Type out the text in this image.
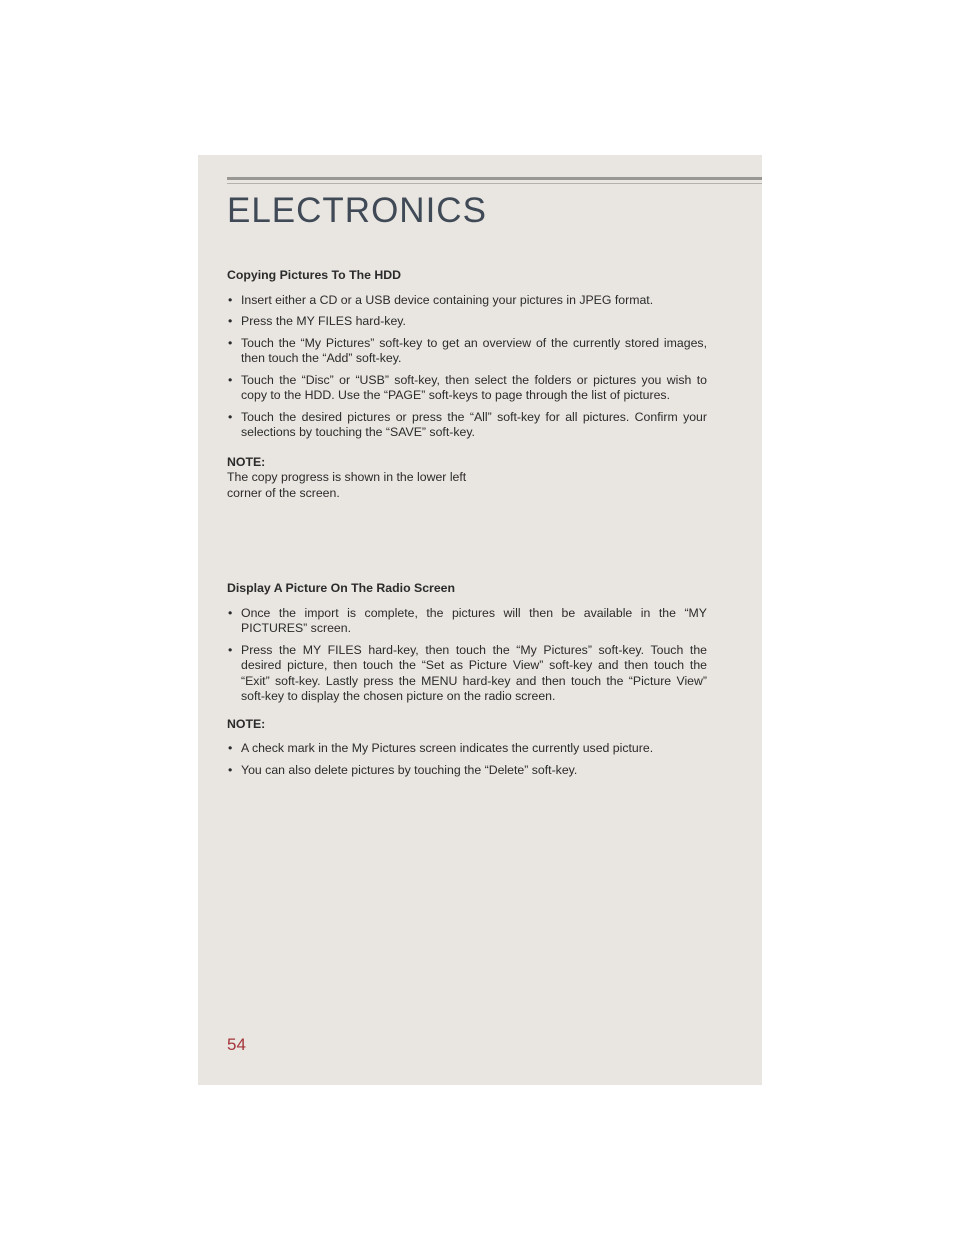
ELECTRONICS

Copying Pictures To The HDD

• Insert either a CD or a USB device containing your pictures in JPEG format.
• Press the MY FILES hard-key.
• Touch the “My Pictures” soft-key to get an overview of the currently stored images, then touch the “Add” soft-key.
• Touch the “Disc” or “USB” soft-key, then select the folders or pictures you wish to copy to the HDD. Use the “PAGE” soft-keys to page through the list of pictures.
• Touch the desired pictures or press the “All” soft-key for all pictures. Confirm your selections by touching the “SAVE” soft-key.

NOTE:

The copy progress is shown in the lower left corner of the screen.

Display A Picture On The Radio Screen

• Once the import is complete, the pictures will then be available in the “MY PICTURES” screen.
• Press the MY FILES hard-key, then touch the “My Pictures” soft-key. Touch the desired picture, then touch the “Set as Picture View” soft-key and then touch the “Exit” soft-key. Lastly press the MENU hard-key and then touch the “Picture View” soft-key to display the chosen picture on the radio screen.

NOTE:

• A check mark in the My Pictures screen indicates the currently used picture.
• You can also delete pictures by touching the “Delete” soft-key.
54
